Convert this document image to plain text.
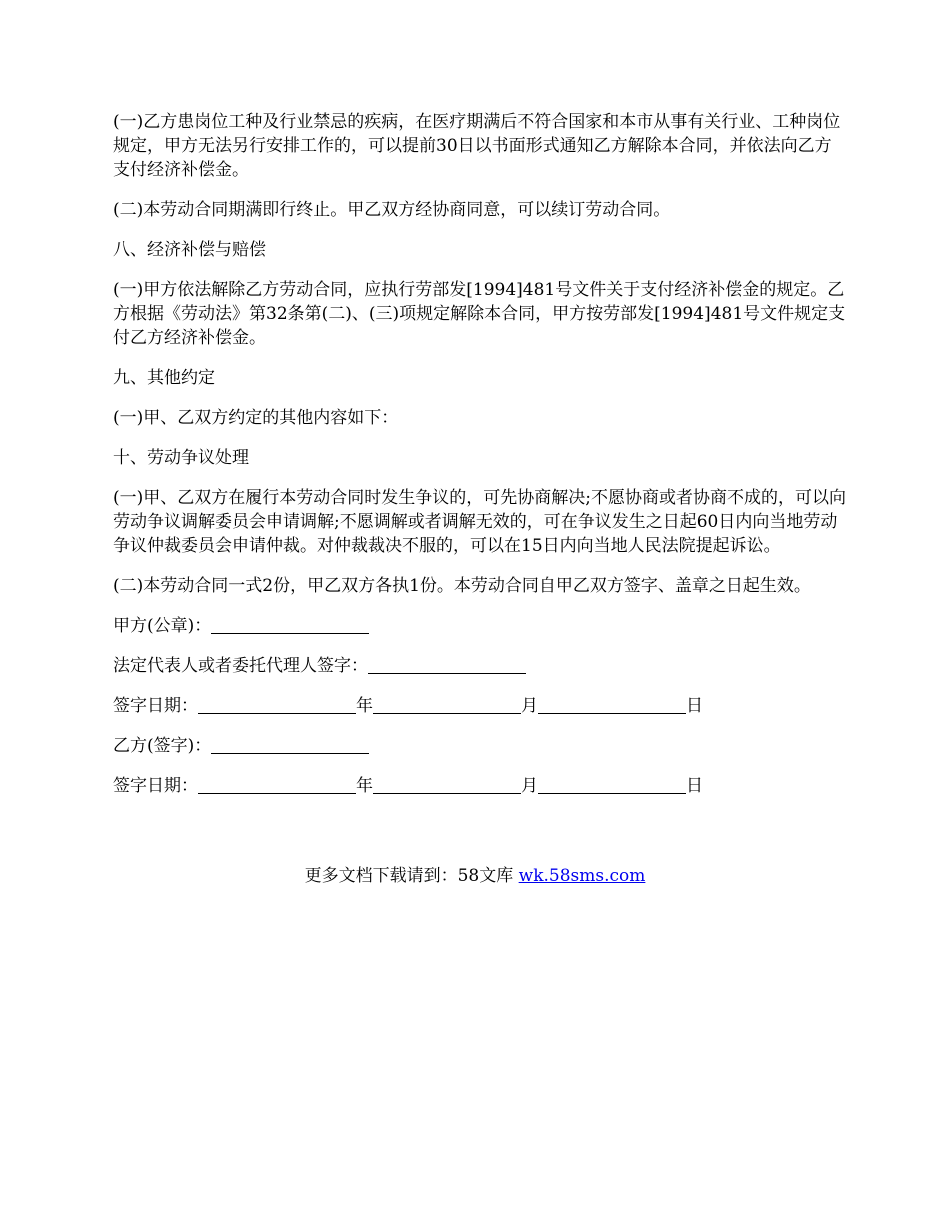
(一)乙方患岗位工种及行业禁忌的疾病，在医疗期满后不符合国家和本市从事有关行业、工种岗位规定，甲方无法另行安排工作的，可以提前30日以书面形式通知乙方解除本合同，并依法向乙方支付经济补偿金。

(二)本劳动合同期满即行终止。甲乙双方经协商同意，可以续订劳动合同。

八、经济补偿与赔偿

(一)甲方依法解除乙方劳动合同，应执行劳部发[1994]481号文件关于支付经济补偿金的规定。乙方根据《劳动法》第32条第(二)、(三)项规定解除本合同，甲方按劳部发[1994]481号文件规定支付乙方经济补偿金。

九、其他约定

(一)甲、乙双方约定的其他内容如下：

十、劳动争议处理

(一)甲、乙双方在履行本劳动合同时发生争议的，可先协商解决;不愿协商或者协商不成的，可以向劳动争议调解委员会申请调解;不愿调解或者调解无效的，可在争议发生之日起60日内向当地劳动争议仲裁委员会申请仲裁。对仲裁裁决不服的，可以在15日内向当地人民法院提起诉讼。

(二)本劳动合同一式2份，甲乙双方各执1份。本劳动合同自甲乙双方签字、盖章之日起生效。

甲方(公章)：
法定代表人或者委托代理人签字：
签字日期：	年	月	日
乙方(签字)：
签字日期：	年	月	日
更多文档下载请到：58文库 wk.58sms.com
